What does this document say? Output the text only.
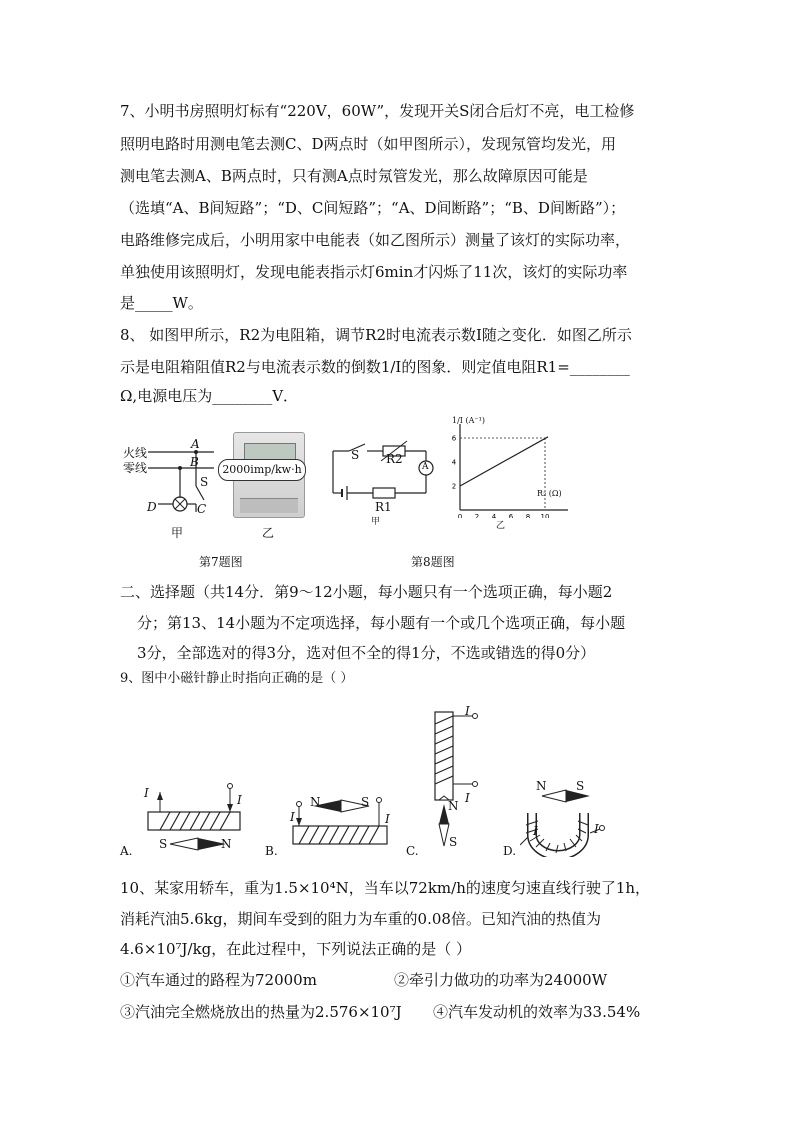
7、小明书房照明灯标有“220V，60W”，发现开关S闭合后灯不亮，电工检修
照明电路时用测电笔去测C、D两点时（如甲图所示），发现氖管均发光，用
测电笔去测A、B两点时，只有测A点时氖管发光，那么故障原因可能是
（选填“A、B间短路”；“D、C间短路”；“A、D间断路”；“B、D间断路”）；
电路维修完成后，小明用家中电能表（如乙图所示）测量了该灯的实际功率，
单独使用该照明灯，发现电能表指示灯6min才闪烁了11次，该灯的实际功率
是_____W。
8、 如图甲所示，R2为电阻箱，调节R2时电流表示数I随之变化．如图乙所示
示是电阻箱阻值R2与电流表示数的倒数1/I的图象．则定值电阻R1=________
Ω,电源电压为________V．
火线
零线
A
B
S
D	C
甲
2000imp/kw·h
乙
S R2
A
R1
甲	0 2 4 6 8 10
2
4
6
1/I (A⁻¹)
R₂ (Ω)
乙
第7题图	第8题图
二、选择题（共14分．第9～12小题，每小题只有一个选项正确，每小题2
分；第13、14小题为不定项选择，每小题有一个或几个选项正确，每小题
3分，全部选对的得3分，选对但不全的得1分，不选或错选的得0分）
9、图中小磁针静止时指向正确的是（ ）
I	I
S	N
A.
N	S
I	I
B.
I
I
N
S
C.
N S
I	I
D.
10、某家用轿车，重为1.5×10⁴N，当车以72km/h的速度匀速直线行驶了1h，
消耗汽油5.6kg，期间车受到的阻力为车重的0.08倍。已知汽油的热值为
4.6×10⁷J/kg，在此过程中，下列说法正确的是（ ）
①汽车通过的路程为72000m	②牵引力做功的功率为24000W
③汽油完全燃烧放出的热量为2.576×10⁷J ④汽车发动机的效率为33.54%
